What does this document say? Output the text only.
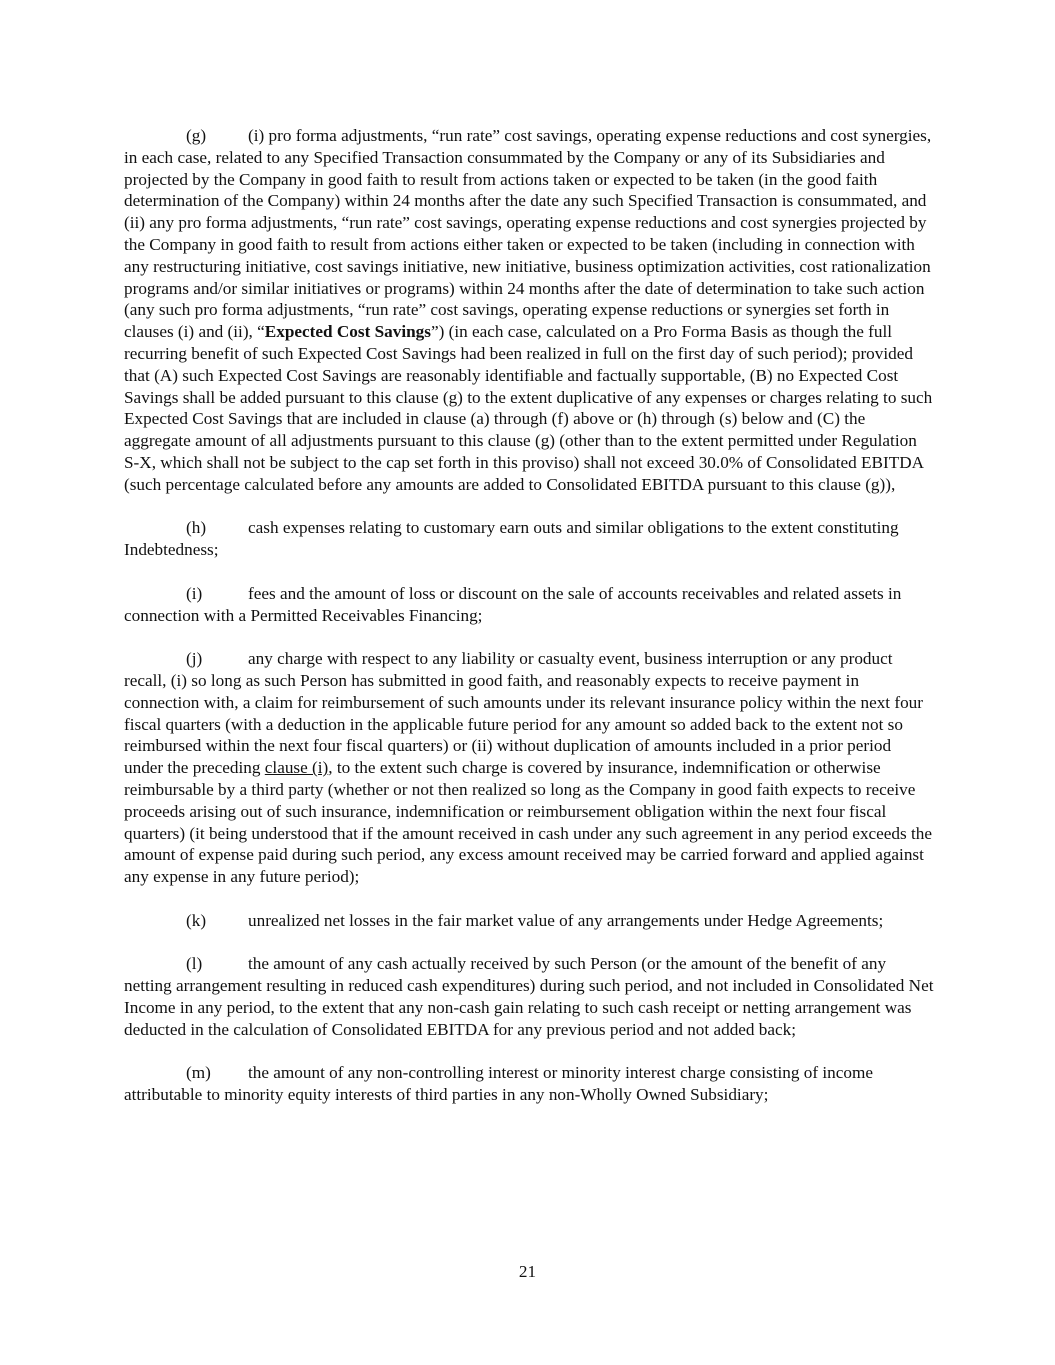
(g) (i) pro forma adjustments, “run rate” cost savings, operating expense reductions and cost synergies, in each case, related to any Specified Transaction consummated by the Company or any of its Subsidiaries and projected by the Company in good faith to result from actions taken or expected to be taken (in the good faith determination of the Company) within 24 months after the date any such Specified Transaction is consummated, and (ii) any pro forma adjustments, “run rate” cost savings, operating expense reductions and cost synergies projected by the Company in good faith to result from actions either taken or expected to be taken (including in connection with any restructuring initiative, cost savings initiative, new initiative, business optimization activities, cost rationalization programs and/or similar initiatives or programs) within 24 months after the date of determination to take such action (any such pro forma adjustments, “run rate” cost savings, operating expense reductions or synergies set forth in clauses (i) and (ii), “Expected Cost Savings”) (in each case, calculated on a Pro Forma Basis as though the full recurring benefit of such Expected Cost Savings had been realized in full on the first day of such period); provided that (A) such Expected Cost Savings are reasonably identifiable and factually supportable, (B) no Expected Cost Savings shall be added pursuant to this clause (g) to the extent duplicative of any expenses or charges relating to such Expected Cost Savings that are included in clause (a) through (f) above or (h) through (s) below and (C) the aggregate amount of all adjustments pursuant to this clause (g) (other than to the extent permitted under Regulation S-X, which shall not be subject to the cap set forth in this proviso) shall not exceed 30.0% of Consolidated EBITDA (such percentage calculated before any amounts are added to Consolidated EBITDA pursuant to this clause (g)),

(h) cash expenses relating to customary earn outs and similar obligations to the extent constituting Indebtedness;

(i)	fees and the amount of loss or discount on the sale of accounts receivables and related assets in connection with a Permitted Receivables Financing;

(j)	any charge with respect to any liability or casualty event, business interruption or any product recall, (i) so long as such Person has submitted in good faith, and reasonably expects to receive payment in connection with, a claim for reimbursement of such amounts under its relevant insurance policy within the next four fiscal quarters (with a deduction in the applicable future period for any amount so added back to the extent not so reimbursed within the next four fiscal quarters) or (ii) without duplication of amounts included in a prior period under the preceding clause (i), to the extent such charge is covered by insurance, indemnification or otherwise reimbursable by a third party (whether or not then realized so long as the Company in good faith expects to receive proceeds arising out of such insurance, indemnification or reimbursement obligation within the next four fiscal quarters) (it being understood that if the amount received in cash under any such agreement in any period exceeds the amount of expense paid during such period, any excess amount received may be carried forward and applied against any expense in any future period);

(k) unrealized net losses in the fair market value of any arrangements under Hedge Agreements;

(l)	the amount of any cash actually received by such Person (or the amount of the benefit of any netting arrangement resulting in reduced cash expenditures) during such period, and not included in Consolidated Net Income in any period, to the extent that any non-cash gain relating to such cash receipt or netting arrangement was deducted in the calculation of Consolidated EBITDA for any previous period and not added back;

(m) the amount of any non-controlling interest or minority interest charge consisting of income attributable to minority equity interests of third parties in any non-Wholly Owned Subsidiary;

21
